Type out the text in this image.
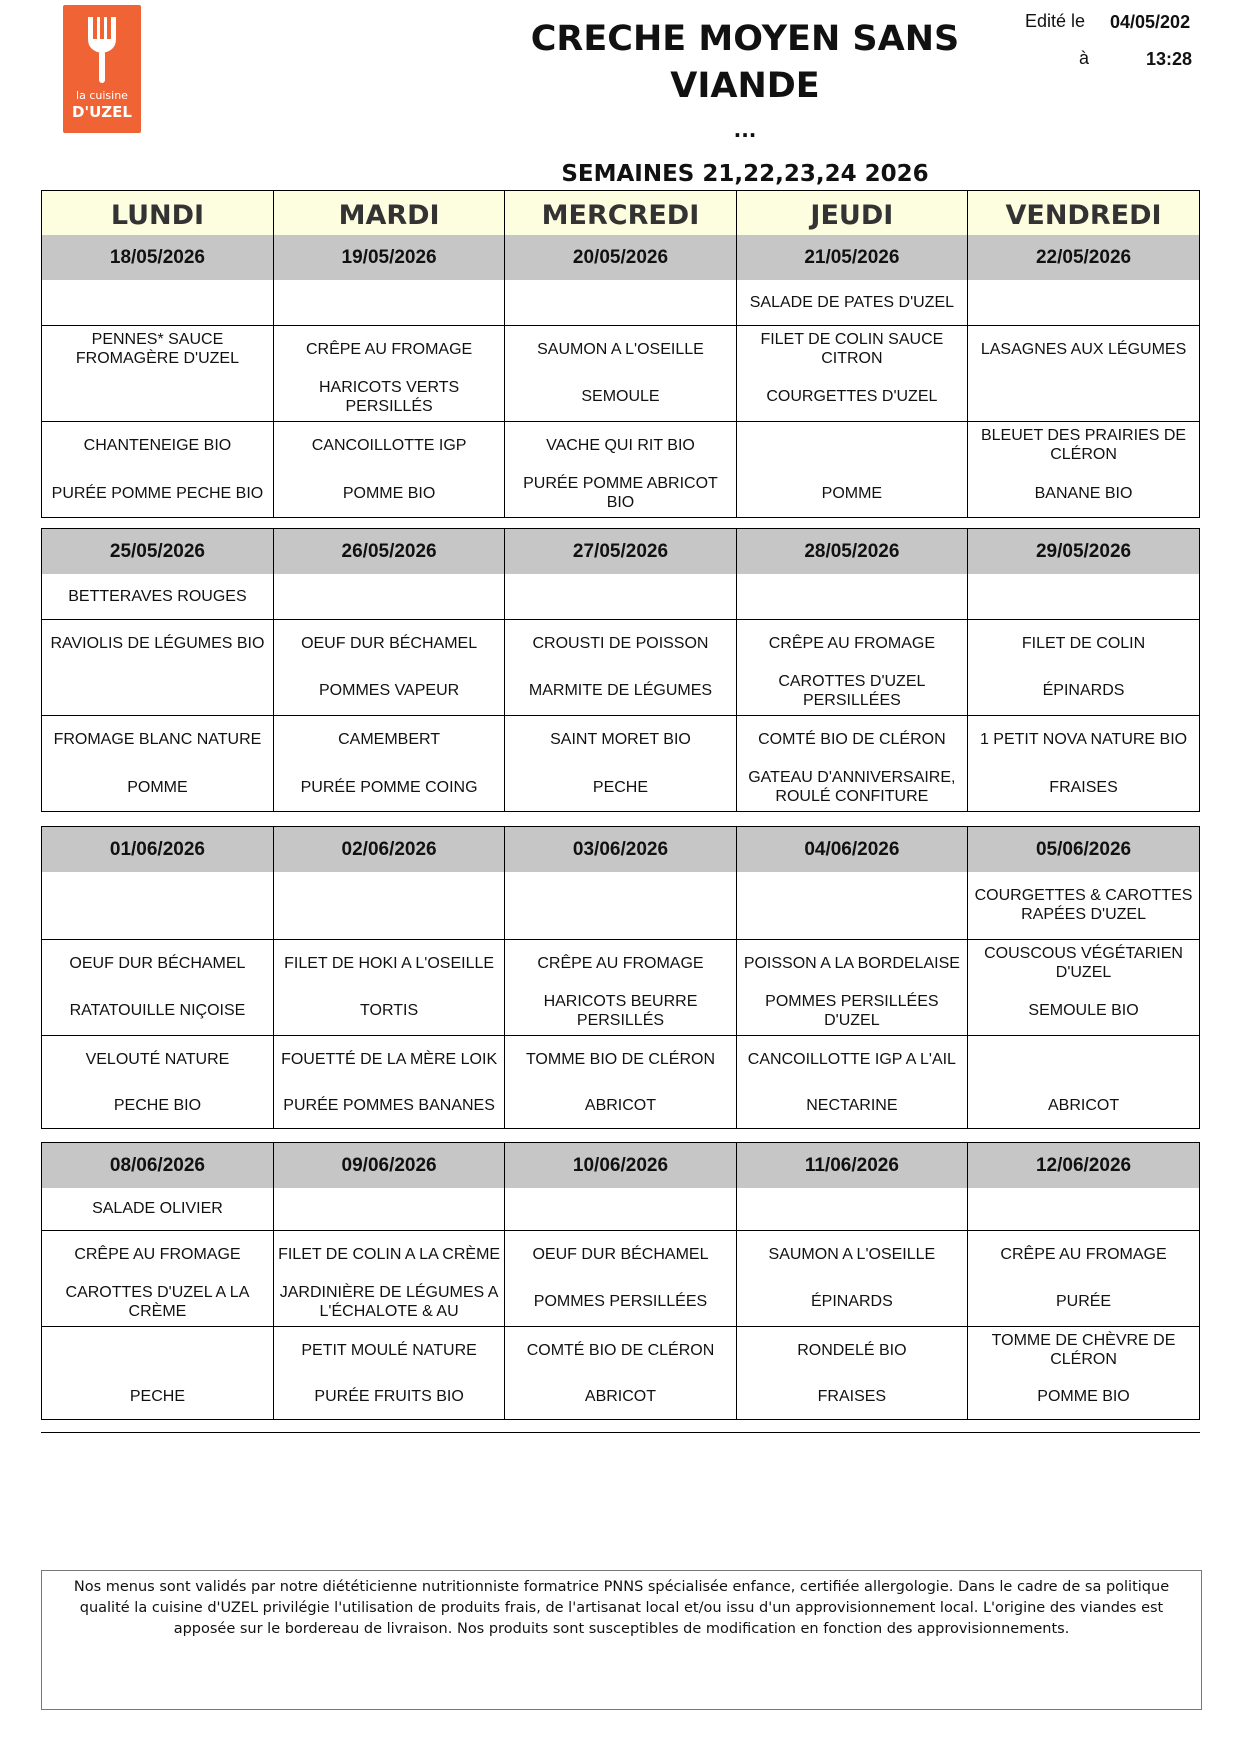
la cuisine
D'UZEL
CRECHE MOYEN SANS VIANDE
...
SEMAINES 21,22,23,24 2026
Edité le 04/05/202
à	13:28
LUNDI	MARDI	MERCREDI	JEUDI	VENDREDI
18/05/2026	19/05/2026	20/05/2026	21/05/2026	22/05/2026
			SALADE DE PATES D'UZEL	
PENNES* SAUCE FROMAGÈRE D'UZEL	CRÊPE AU FROMAGE	SAUMON A L'OSEILLE	FILET DE COLIN SAUCE CITRON	LASAGNES AUX LÉGUMES
	HARICOTS VERTS PERSILLÉS	SEMOULE	COURGETTES D'UZEL	
CHANTENEIGE BIO	CANCOILLOTTE IGP	VACHE QUI RIT BIO		BLEUET DES PRAIRIES DE CLÉRON
PURÉE POMME PECHE BIO	POMME BIO	PURÉE POMME ABRICOT BIO	POMME	BANANE BIO
25/05/2026	26/05/2026	27/05/2026	28/05/2026	29/05/2026
BETTERAVES ROUGES				
RAVIOLIS DE LÉGUMES BIO	OEUF DUR BÉCHAMEL	CROUSTI DE POISSON	CRÊPE AU FROMAGE	FILET DE COLIN
	POMMES VAPEUR	MARMITE DE LÉGUMES	CAROTTES D'UZEL PERSILLÉES	ÉPINARDS
FROMAGE BLANC NATURE	CAMEMBERT	SAINT MORET BIO	COMTÉ BIO DE CLÉRON	1 PETIT NOVA NATURE BIO
POMME	PURÉE POMME COING	PECHE	GATEAU D'ANNIVERSAIRE, ROULÉ CONFITURE	FRAISES
01/06/2026	02/06/2026	03/06/2026	04/06/2026	05/06/2026
				COURGETTES & CAROTTES RAPÉES D'UZEL
OEUF DUR BÉCHAMEL	FILET DE HOKI A L'OSEILLE	CRÊPE AU FROMAGE	POISSON A LA BORDELAISE	COUSCOUS VÉGÉTARIEN D'UZEL
RATATOUILLE NIÇOISE	TORTIS	HARICOTS BEURRE PERSILLÉS	POMMES PERSILLÉES D'UZEL	SEMOULE BIO
VELOUTÉ NATURE	FOUETTÉ DE LA MÈRE LOIK	TOMME BIO DE CLÉRON	CANCOILLOTTE IGP A L'AIL	
PECHE BIO	PURÉE POMMES BANANES	ABRICOT	NECTARINE	ABRICOT
08/06/2026	09/06/2026	10/06/2026	11/06/2026	12/06/2026
SALADE OLIVIER				
CRÊPE AU FROMAGE	FILET DE COLIN A LA CRÈME	OEUF DUR BÉCHAMEL	SAUMON A L'OSEILLE	CRÊPE AU FROMAGE
CAROTTES D'UZEL A LA CRÈME	JARDINIÈRE DE LÉGUMES A L'ÉCHALOTE & AU	POMMES PERSILLÉES	ÉPINARDS	PURÉE
	PETIT MOULÉ NATURE	COMTÉ BIO DE CLÉRON	RONDELÉ BIO	TOMME DE CHÈVRE DE CLÉRON
PECHE	PURÉE FRUITS BIO	ABRICOT	FRAISES	POMME BIO
Nos menus sont validés par notre diététicienne nutritionniste formatrice PNNS spécialisée enfance, certifiée allergologie. Dans le cadre de sa politique qualité la cuisine d'UZEL privilégie l'utilisation de produits frais, de l'artisanat local et/ou issu d'un approvisionnement local. L'origine des viandes est apposée sur le bordereau de livraison. Nos produits sont susceptibles de modification en fonction des approvisionnements.
